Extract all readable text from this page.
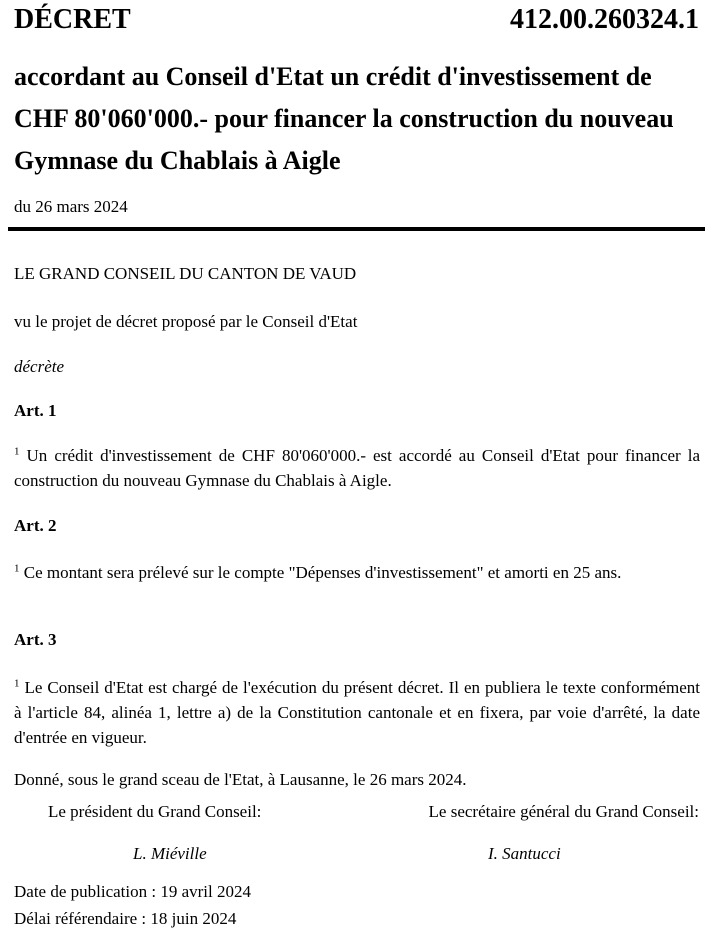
DÉCRET	412.00.260324.1
accordant au Conseil d'Etat un crédit d'investissement de CHF 80'060'000.- pour financer la construction du nouveau Gymnase du Chablais à Aigle
du 26 mars 2024
LE GRAND CONSEIL DU CANTON DE VAUD
vu le projet de décret proposé par le Conseil d'Etat
décrète
Art. 1
$^1$ Un crédit d'investissement de CHF 80'060'000.- est accordé au Conseil d'Etat pour financer la construction du nouveau Gymnase du Chablais à Aigle.
Art. 2
$^1$ Ce montant sera prélevé sur le compte "Dépenses d'investissement" et amorti en 25 ans.
Art. 3
$^1$ Le Conseil d'Etat est chargé de l'exécution du présent décret. Il en publiera le texte conformément à l'article 84, alinéa 1, lettre a) de la Constitution cantonale et en fixera, par voie d'arrêté, la date d'entrée en vigueur.
Donné, sous le grand sceau de l'Etat, à Lausanne, le 26 mars 2024.
Le président du Grand Conseil:	Le secrétaire général du Grand Conseil:
L. Miéville	I. Santucci
Date de publication : 19 avril 2024
Délai référendaire : 18 juin 2024
